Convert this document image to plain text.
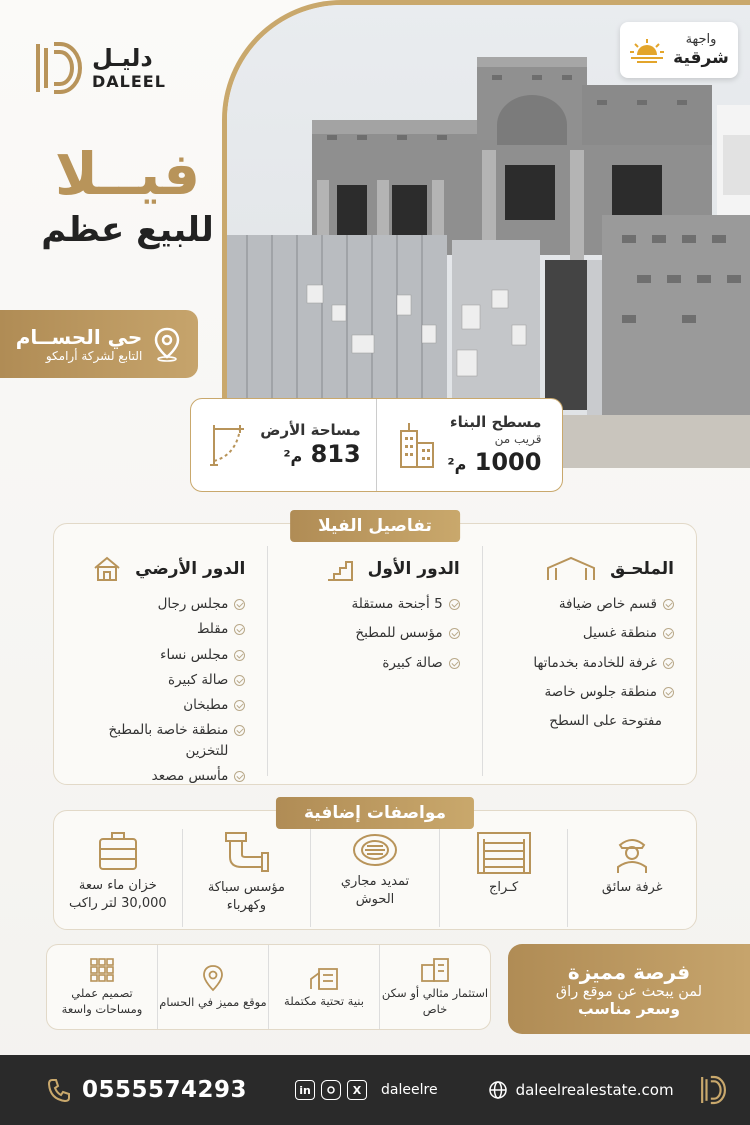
دليـل
DALEEL
فيــلا
للبيع عظم
حي الحســام
التابع لشركة أرامكو
واجهة
شرقية
مسطح البناء
قريب من
1000 م²
مساحة الأرض
813 م²
تفاصيل الفيلا
الملحـق
قسم خاص ضيافة
منطقة غسيل
غرفة للخادمة بخدماتها
منطقة جلوس خاصة
مفتوحة على السطح
الدور الأول
5 أجنحة مستقلة
مؤسس للمطبخ
صالة كبيرة
الدور الأرضي
مجلس رجال
مقلط
مجلس نساء
صالة كبيرة
مطبخان
منطقة خاصة بالمطبخ للتخزين
مأسس مصعد
مواصفات إضافية
غرفة سائق
كـراج
تمديد مجاري الحوش
مؤسس سباكة وكهرباء
خزان ماء سعة 30,000 لتر راكب
استثمار مثالي أو سكن خاص
بنية تحتية مكتملة
موقع مميز في الحسام
تصميم عملي ومساحات واسعة
فرصة مميزة
لمن يبحث عن موقع راق
وسعر مناسب
0555574293	in	X	daleelre	daleelrealestate.com
